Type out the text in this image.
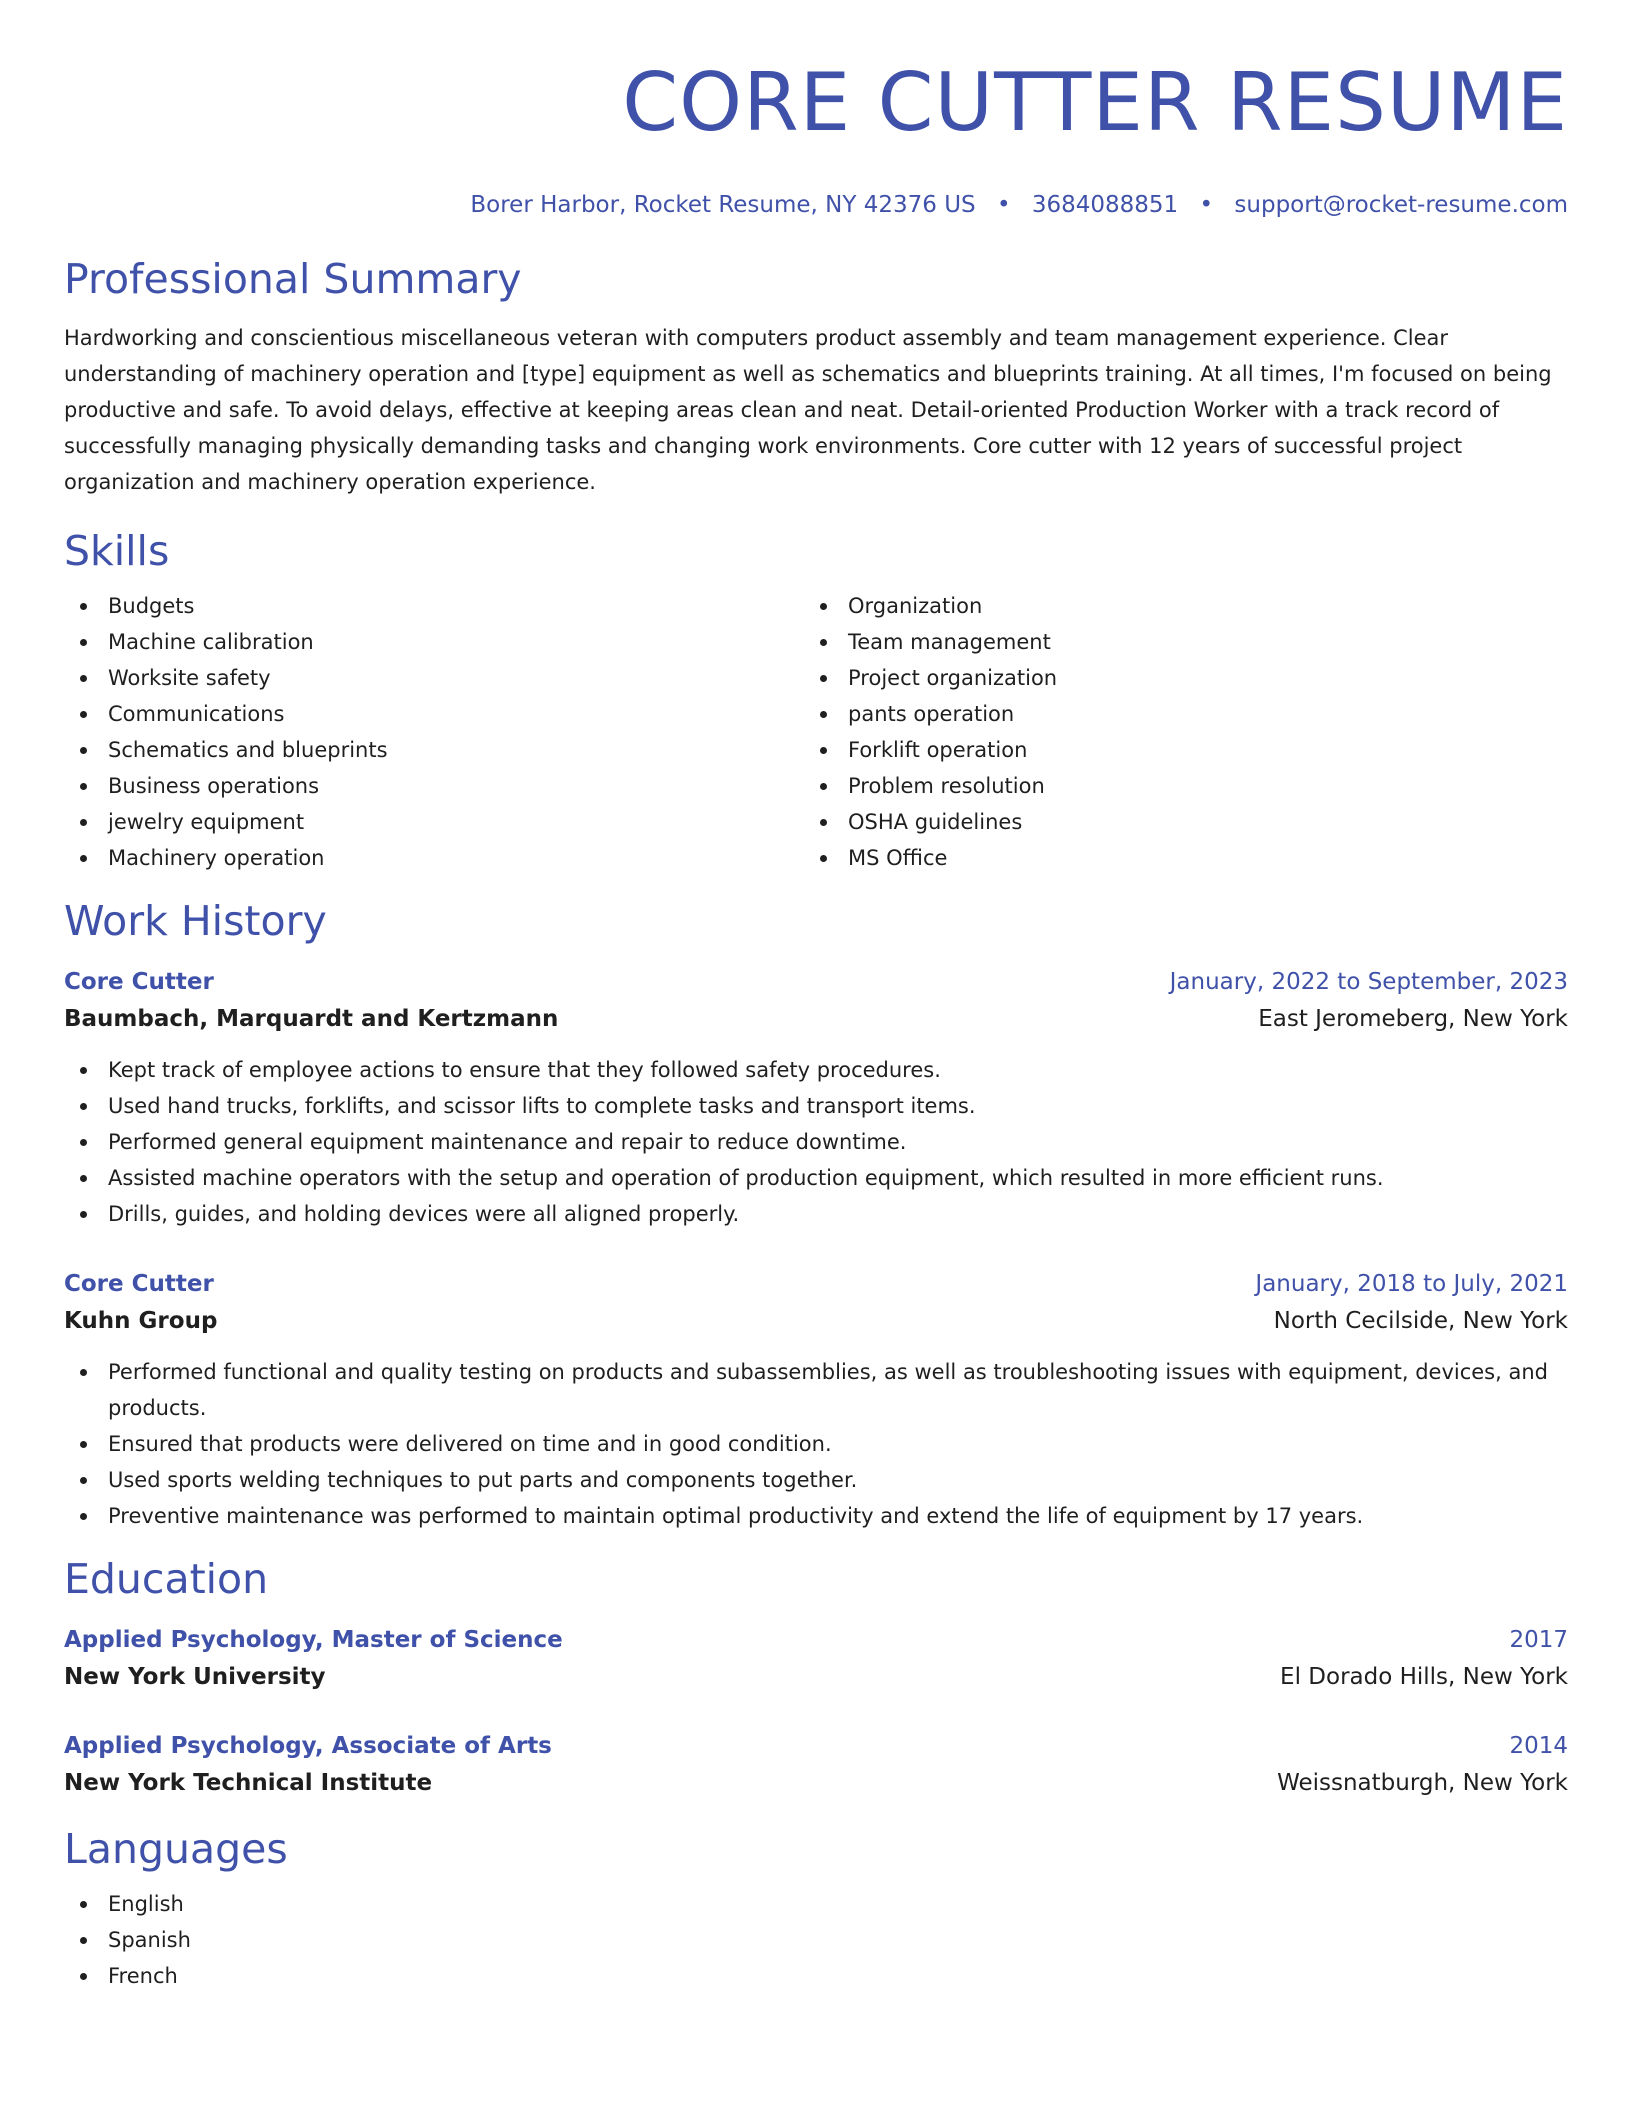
CORE CUTTER RESUME
Borer Harbor, Rocket Resume, NY 42376 US • 3684088851 • support@rocket-resume.com
Professional Summary

Hardworking and conscientious miscellaneous veteran with computers product assembly and team management experience. Clear understanding of machinery operation and [type] equipment as well as schematics and blueprints training. At all times, I'm focused on being productive and safe. To avoid delays, effective at keeping areas clean and neat. Detail-oriented Production Worker with a track record of successfully managing physically demanding tasks and changing work environments. Core cutter with 12 years of successful project organization and machinery operation experience.

Skills
Budgets
Machine calibration
Worksite safety
Communications
Schematics and blueprints
Business operations
jewelry equipment
Machinery operation
Organization
Team management
Project organization
pants operation
Forklift operation
Problem resolution
OSHA guidelines
MS Office
Work History
Core Cutter	January, 2022 to September, 2023
Baumbach, Marquardt and Kertzmann	East Jeromeberg, New York
Kept track of employee actions to ensure that they followed safety procedures.
Used hand trucks, forklifts, and scissor lifts to complete tasks and transport items.
Performed general equipment maintenance and repair to reduce downtime.
Assisted machine operators with the setup and operation of production equipment, which resulted in more efficient runs.
Drills, guides, and holding devices were all aligned properly.
Core Cutter	January, 2018 to July, 2021
Kuhn Group	North Cecilside, New York
Performed functional and quality testing on products and subassemblies, as well as troubleshooting issues with equipment, devices, and products.
Ensured that products were delivered on time and in good condition.
Used sports welding techniques to put parts and components together.
Preventive maintenance was performed to maintain optimal productivity and extend the life of equipment by 17 years.
Education
Applied Psychology, Master of Science	2017
New York University	El Dorado Hills, New York
Applied Psychology, Associate of Arts	2014
New York Technical Institute	Weissnatburgh, New York
Languages
English
Spanish
French
